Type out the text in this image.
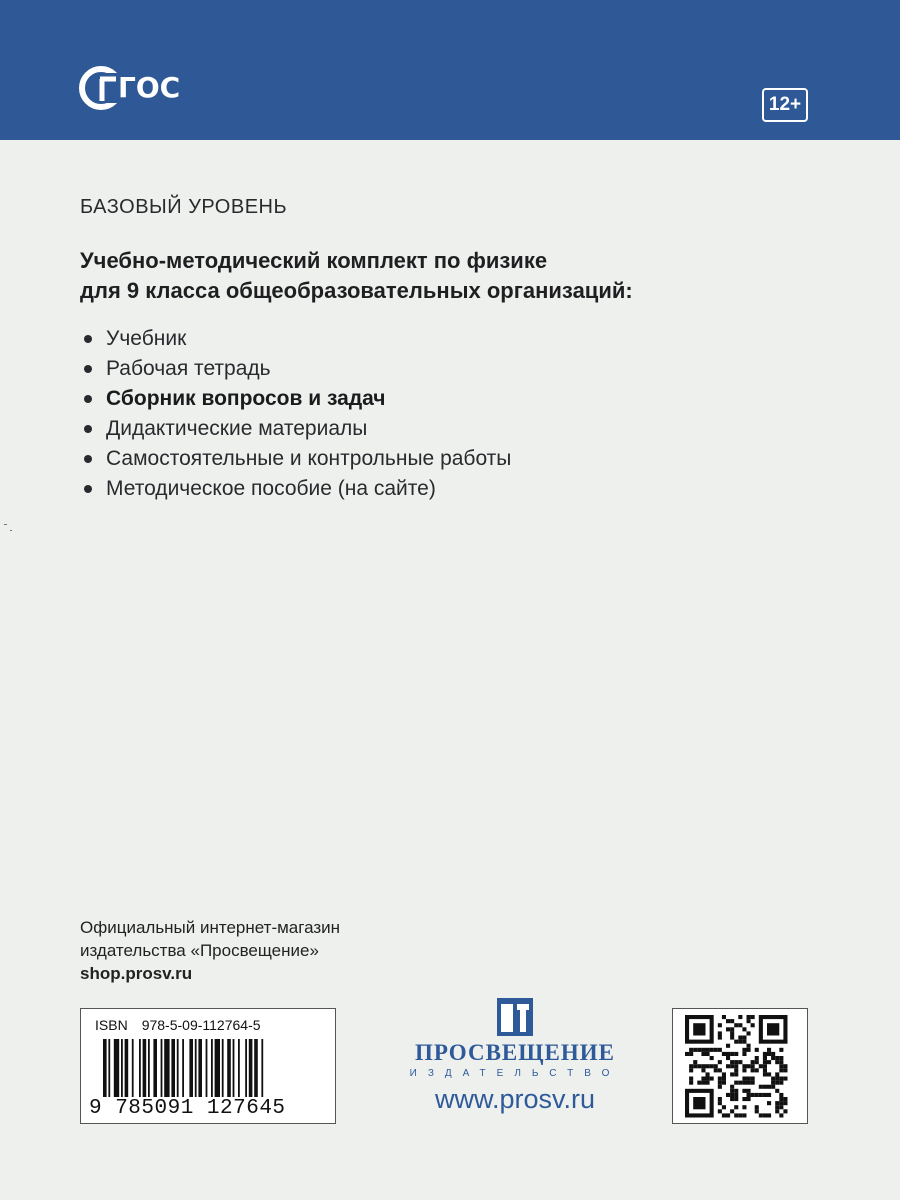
ГОС
12+
БАЗОВЫЙ УРОВЕНЬ
Учебно-методический комплект по физике
для 9 класса общеобразовательных организаций:
Учебник
Рабочая тетрадь
Сборник вопросов и задач
Дидактические материалы
Самостоятельные и контрольные работы
Методическое пособие (на сайте)
Официальный интернет-магазин
издательства «Просвещение»
shop.prosv.ru
ISBN 978-5-09-112764-5
9 785091 127645
ПРОСВЕЩЕНИЕ
ИЗДАТЕЛЬСТВО
www.prosv.ru
